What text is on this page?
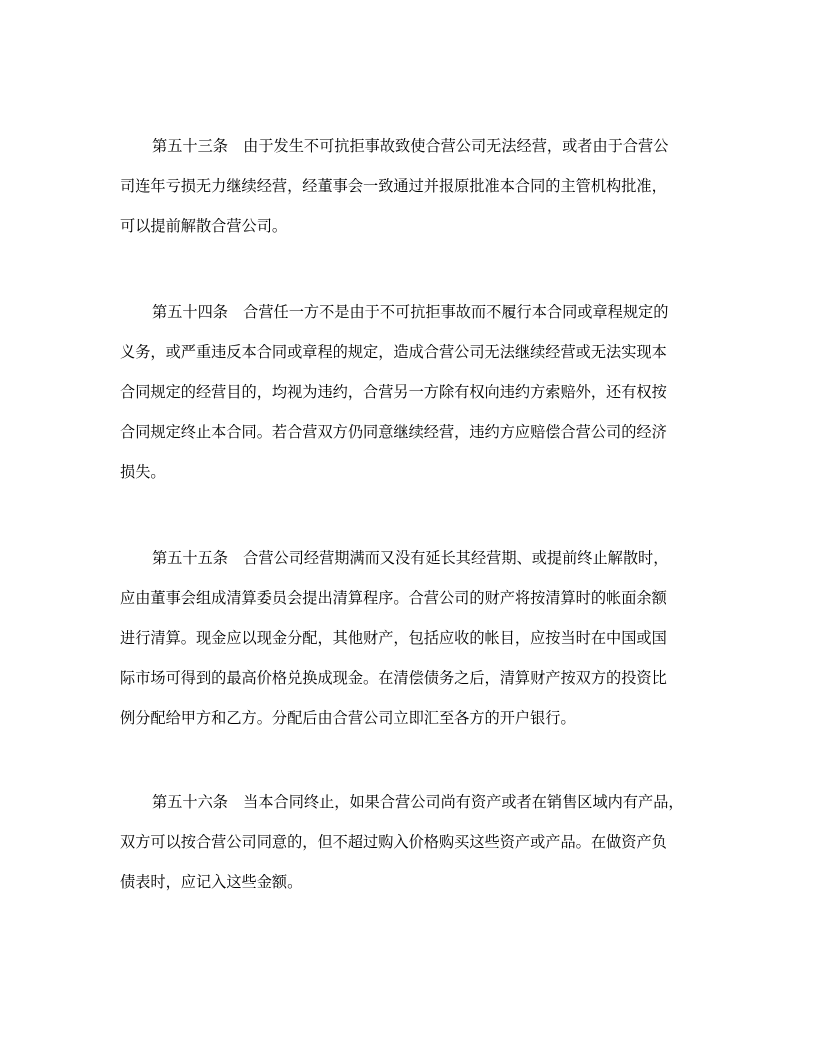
第五十三条　由于发生不可抗拒事故致使合营公司无法经营，或者由于合营公
司连年亏损无力继续经营，经董事会一致通过并报原批准本合同的主管机构批准，
可以提前解散合营公司。
第五十四条　合营任一方不是由于不可抗拒事故而不履行本合同或章程规定的
义务，或严重违反本合同或章程的规定，造成合营公司无法继续经营或无法实现本
合同规定的经营目的，均视为违约，合营另一方除有权向违约方索赔外，还有权按
合同规定终止本合同。若合营双方仍同意继续经营，违约方应赔偿合营公司的经济
损失。
第五十五条　合营公司经营期满而又没有延长其经营期、或提前终止解散时，
应由董事会组成清算委员会提出清算程序。合营公司的财产将按清算时的帐面余额
进行清算。现金应以现金分配，其他财产，包括应收的帐目，应按当时在中国或国
际市场可得到的最高价格兑换成现金。在清偿债务之后，清算财产按双方的投资比
例分配给甲方和乙方。分配后由合营公司立即汇至各方的开户银行。
第五十六条　当本合同终止，如果合营公司尚有资产或者在销售区域内有产品，
双方可以按合营公司同意的，但不超过购入价格购买这些资产或产品。在做资产负
债表时，应记入这些金额。
